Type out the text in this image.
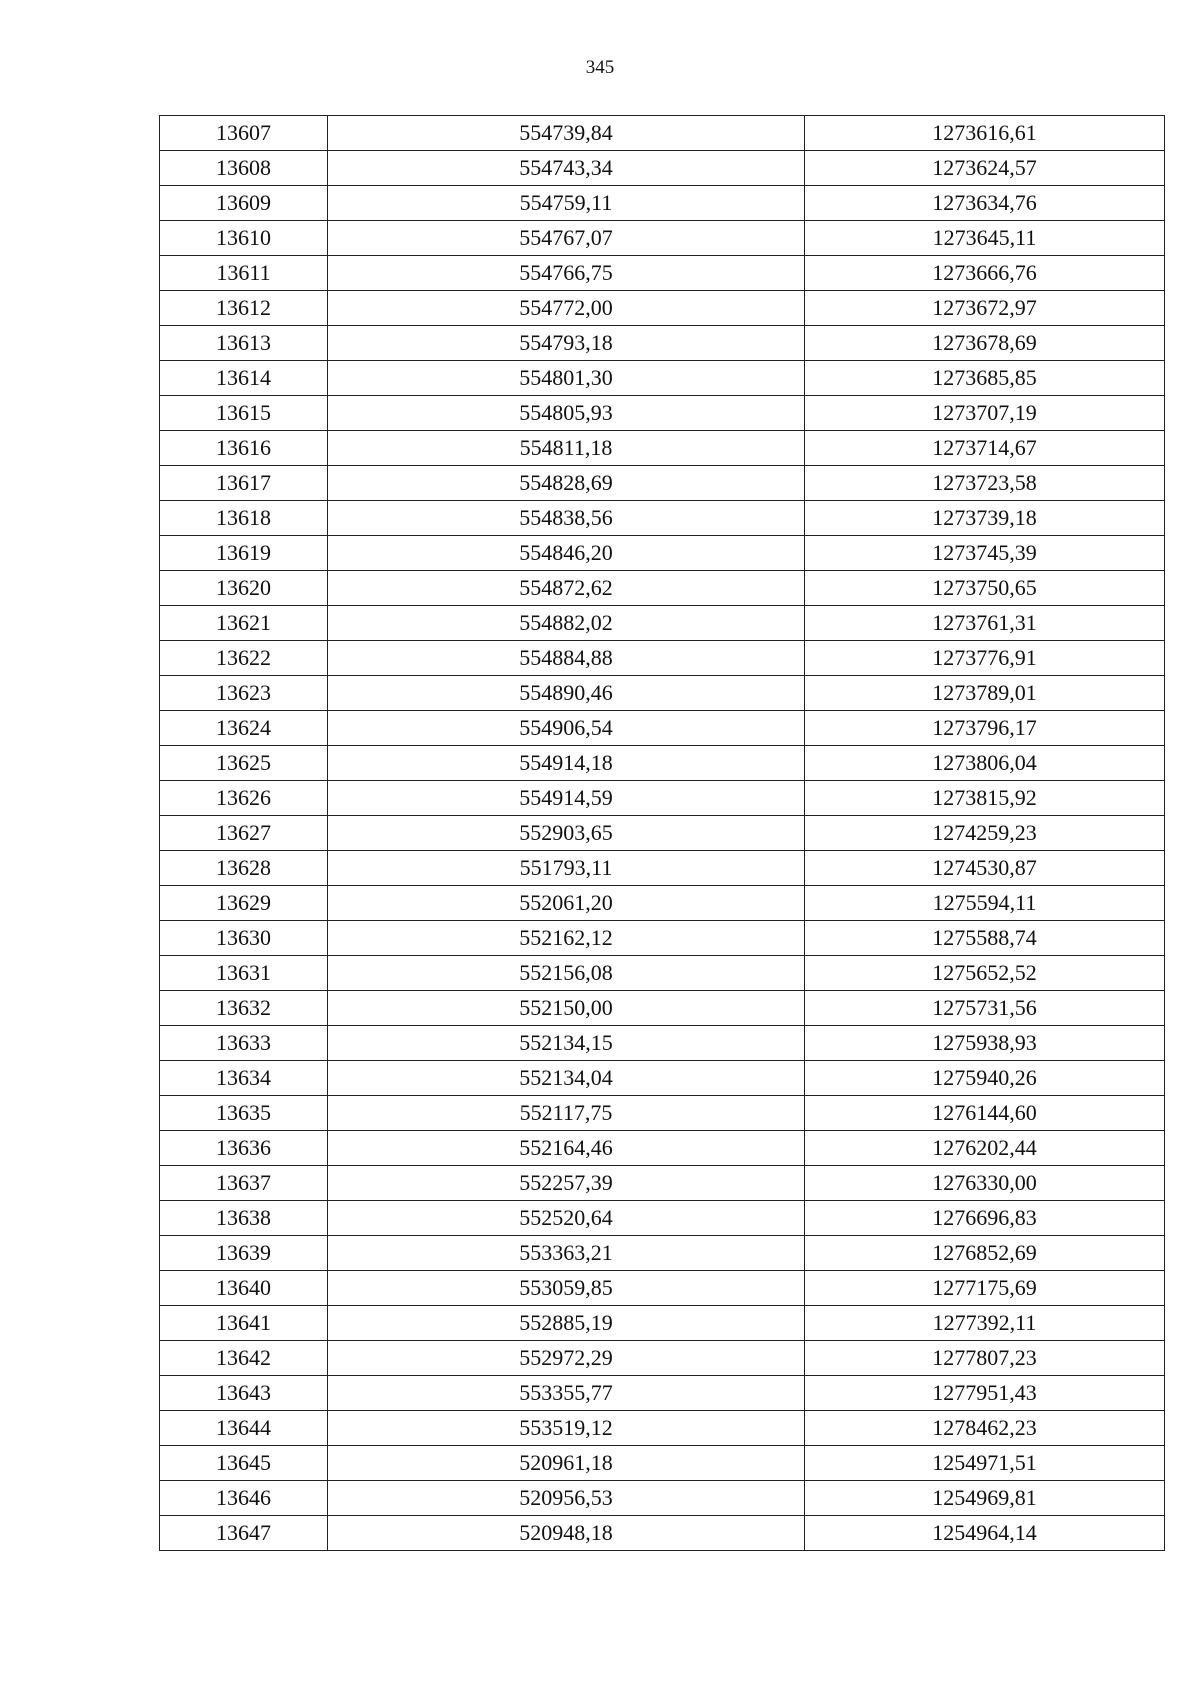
345
13607	554739,84	1273616,61
13608	554743,34	1273624,57
13609	554759,11	1273634,76
13610	554767,07	1273645,11
13611	554766,75	1273666,76
13612	554772,00	1273672,97
13613	554793,18	1273678,69
13614	554801,30	1273685,85
13615	554805,93	1273707,19
13616	554811,18	1273714,67
13617	554828,69	1273723,58
13618	554838,56	1273739,18
13619	554846,20	1273745,39
13620	554872,62	1273750,65
13621	554882,02	1273761,31
13622	554884,88	1273776,91
13623	554890,46	1273789,01
13624	554906,54	1273796,17
13625	554914,18	1273806,04
13626	554914,59	1273815,92
13627	552903,65	1274259,23
13628	551793,11	1274530,87
13629	552061,20	1275594,11
13630	552162,12	1275588,74
13631	552156,08	1275652,52
13632	552150,00	1275731,56
13633	552134,15	1275938,93
13634	552134,04	1275940,26
13635	552117,75	1276144,60
13636	552164,46	1276202,44
13637	552257,39	1276330,00
13638	552520,64	1276696,83
13639	553363,21	1276852,69
13640	553059,85	1277175,69
13641	552885,19	1277392,11
13642	552972,29	1277807,23
13643	553355,77	1277951,43
13644	553519,12	1278462,23
13645	520961,18	1254971,51
13646	520956,53	1254969,81
13647	520948,18	1254964,14
